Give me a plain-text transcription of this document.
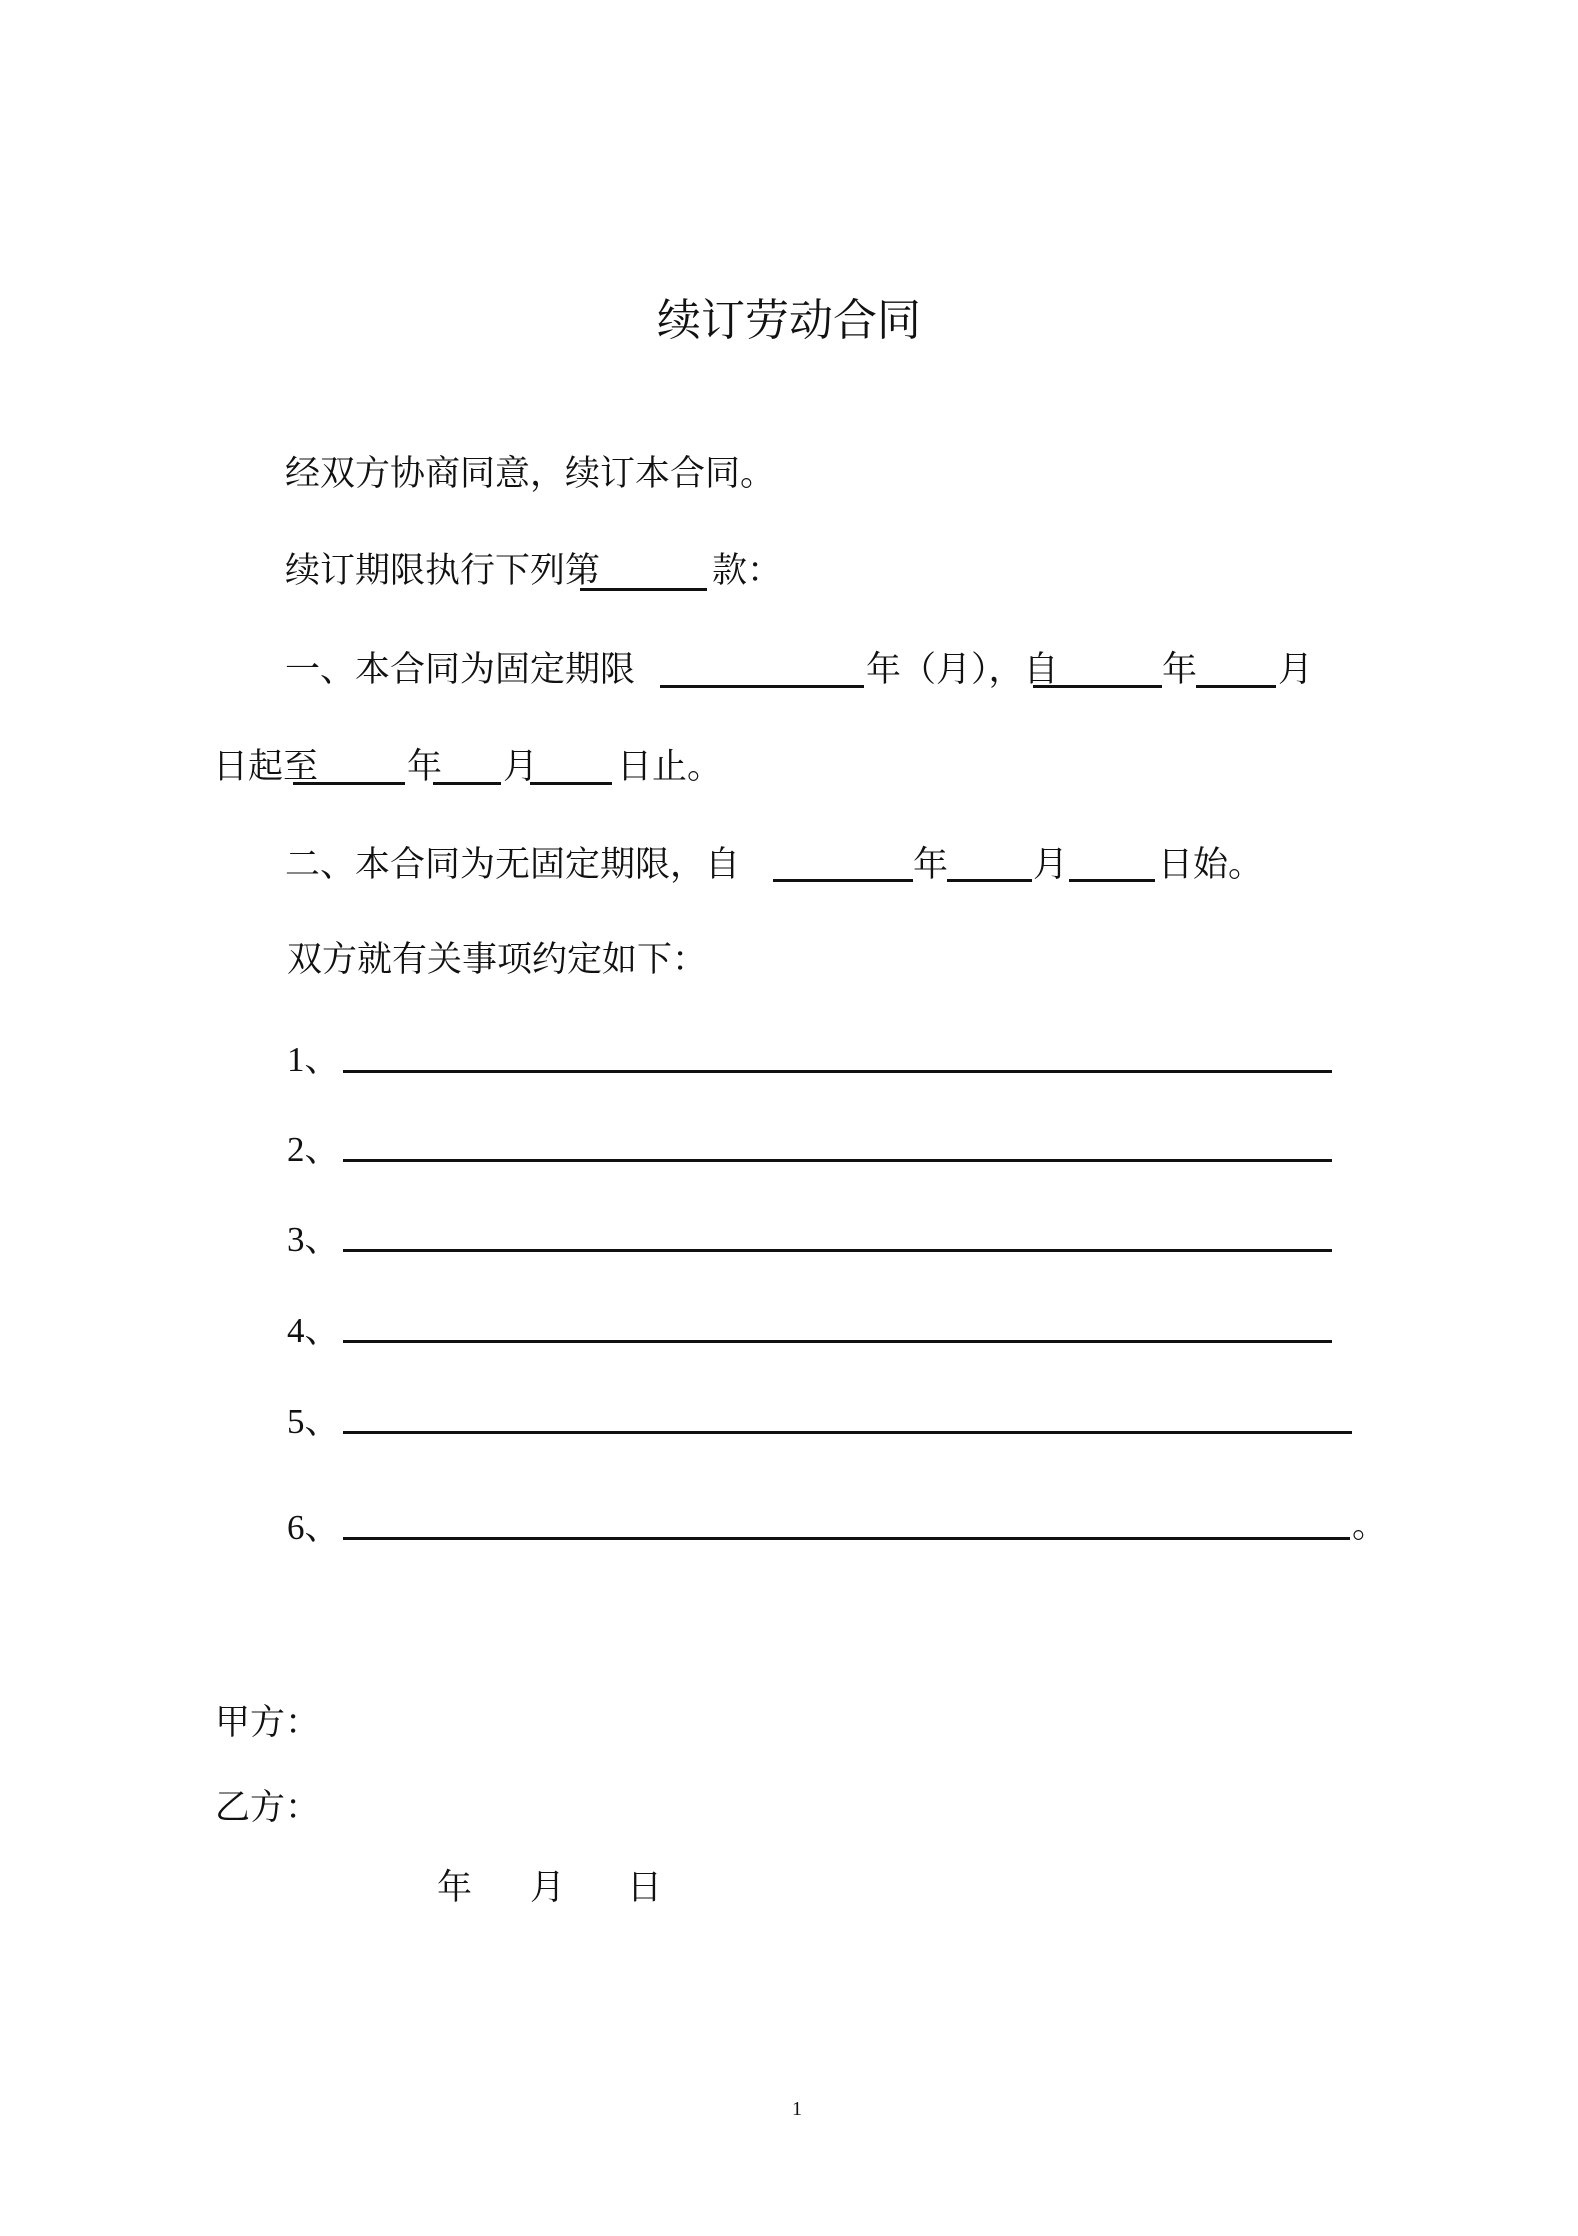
续订劳动合同
经双方协商同意，续订本合同。
续订期限执行下列第	款：
一、本合同为固定期限	年（月），自	年 月
日起至	年 月 日止。
二、本合同为无固定期限，自	年 月	日始。
双方就有关事项约定如下：
1、
2、
3、
4、
5、
6、	。
甲方：
乙方：
年 月 日
1
